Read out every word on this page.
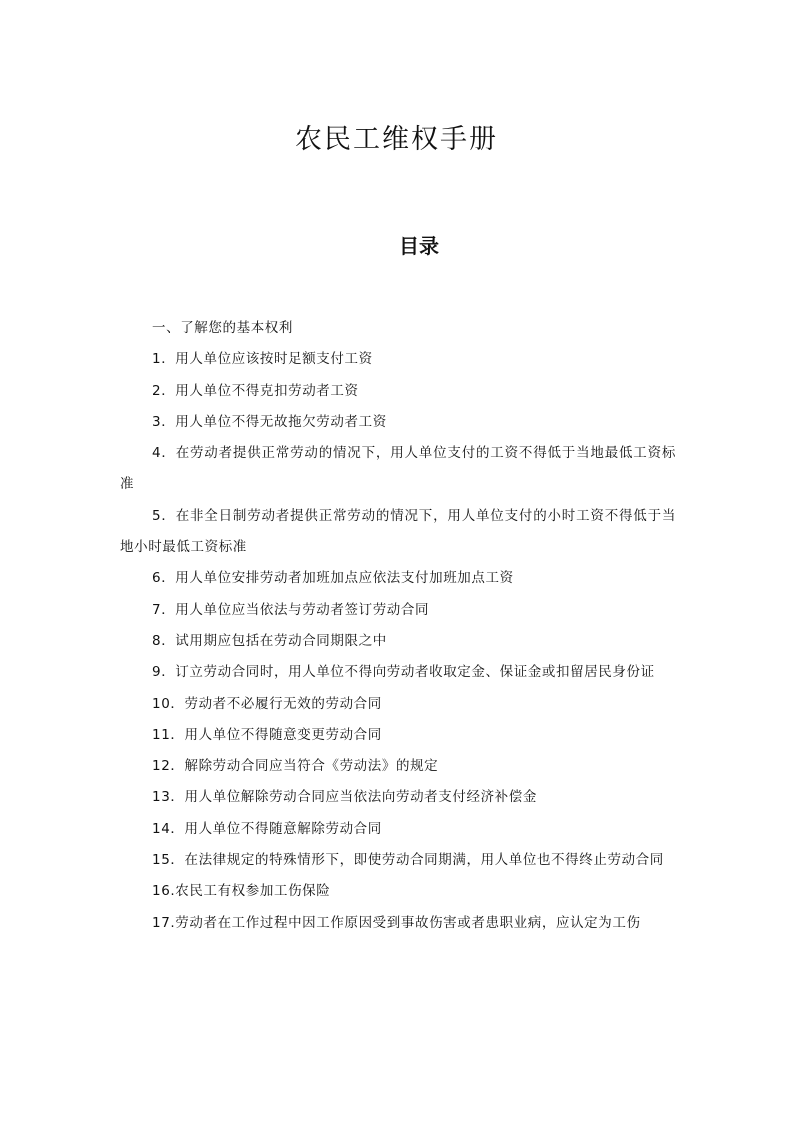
农民工维权手册
目录
一、了解您的基本权利
1．用人单位应该按时足额支付工资
2．用人单位不得克扣劳动者工资
3．用人单位不得无故拖欠劳动者工资
4．在劳动者提供正常劳动的情况下，用人单位支付的工资不得低于当地最低工资标准
5．在非全日制劳动者提供正常劳动的情况下，用人单位支付的小时工资不得低于当地小时最低工资标准
6．用人单位安排劳动者加班加点应依法支付加班加点工资
7．用人单位应当依法与劳动者签订劳动合同
8．试用期应包括在劳动合同期限之中
9．订立劳动合同时，用人单位不得向劳动者收取定金、保证金或扣留居民身份证
10．劳动者不必履行无效的劳动合同
11．用人单位不得随意变更劳动合同
12．解除劳动合同应当符合《劳动法》的规定
13．用人单位解除劳动合同应当依法向劳动者支付经济补偿金
14．用人单位不得随意解除劳动合同
15．在法律规定的特殊情形下，即使劳动合同期满，用人单位也不得终止劳动合同
16.农民工有权参加工伤保险
17.劳动者在工作过程中因工作原因受到事故伤害或者患职业病，应认定为工伤
